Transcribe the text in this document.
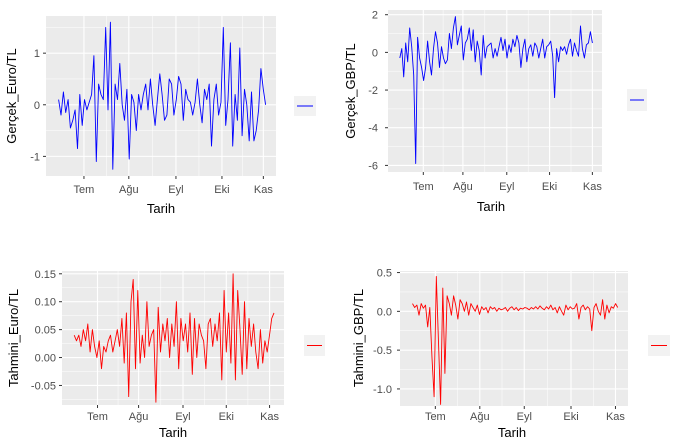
-1
0
1
Tem Ağu	Eyl	Eki Kas
Tarih
Gerçek_Euro/TL
-6
-4
-2
0
2
Tem Ağu Eyl	Eki Kas
Tarih
Gerçek_GBP/TL
-0.05
0.00
0.05
0.10
0.15
Tem Ağu Eyl	Eki Kas
Tarih
Tahmini_Euro/TL
-1.0
-0.5
0.0
0.5
Tem Ağu Eyl	Eki Kas
Tarih
Tahmini_GBP/TL
